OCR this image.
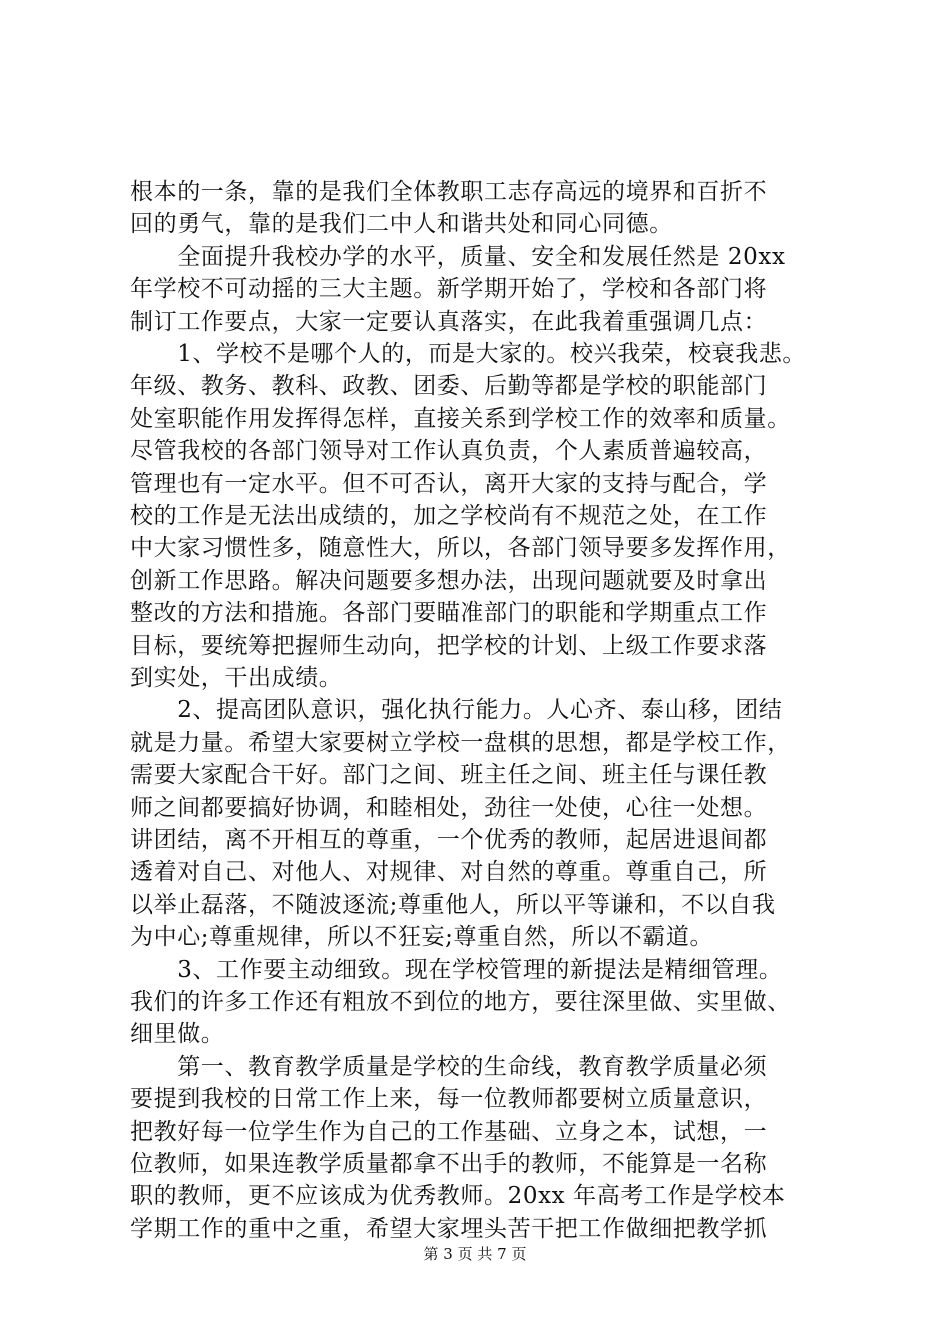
根本的一条，靠的是我们全体教职工志存高远的境界和百折不
回的勇气，靠的是我们二中人和谐共处和同心同德。
　　全面提升我校办学的水平，质量、安全和发展任然是 20xx
年学校不可动摇的三大主题。新学期开始了，学校和各部门将
制订工作要点，大家一定要认真落实，在此我着重强调几点：
　　1、学校不是哪个人的，而是大家的。校兴我荣，校衰我悲。
年级、教务、教科、政教、团委、后勤等都是学校的职能部门
处室职能作用发挥得怎样，直接关系到学校工作的效率和质量。
尽管我校的各部门领导对工作认真负责，个人素质普遍较高，
管理也有一定水平。但不可否认，离开大家的支持与配合，学
校的工作是无法出成绩的，加之学校尚有不规范之处，在工作
中大家习惯性多，随意性大，所以，各部门领导要多发挥作用，
创新工作思路。解决问题要多想办法，出现问题就要及时拿出
整改的方法和措施。各部门要瞄准部门的职能和学期重点工作
目标，要统筹把握师生动向，把学校的计划、上级工作要求落
到实处，干出成绩。
　　2、提高团队意识，强化执行能力。人心齐、泰山移，团结
就是力量。希望大家要树立学校一盘棋的思想，都是学校工作，
需要大家配合干好。部门之间、班主任之间、班主任与课任教
师之间都要搞好协调，和睦相处，劲往一处使，心往一处想。
讲团结，离不开相互的尊重，一个优秀的教师，起居进退间都
透着对自己、对他人、对规律、对自然的尊重。尊重自己，所
以举止磊落，不随波逐流;尊重他人，所以平等谦和，不以自我
为中心;尊重规律，所以不狂妄;尊重自然，所以不霸道。
　　3、工作要主动细致。现在学校管理的新提法是精细管理。
我们的许多工作还有粗放不到位的地方，要往深里做、实里做、
细里做。
　　第一、教育教学质量是学校的生命线，教育教学质量必须
要提到我校的日常工作上来，每一位教师都要树立质量意识，
把教好每一位学生作为自己的工作基础、立身之本，试想，一
位教师，如果连教学质量都拿不出手的教师，不能算是一名称
职的教师，更不应该成为优秀教师。20xx 年高考工作是学校本
学期工作的重中之重，希望大家埋头苦干把工作做细把教学抓
第 3 页 共 7 页
